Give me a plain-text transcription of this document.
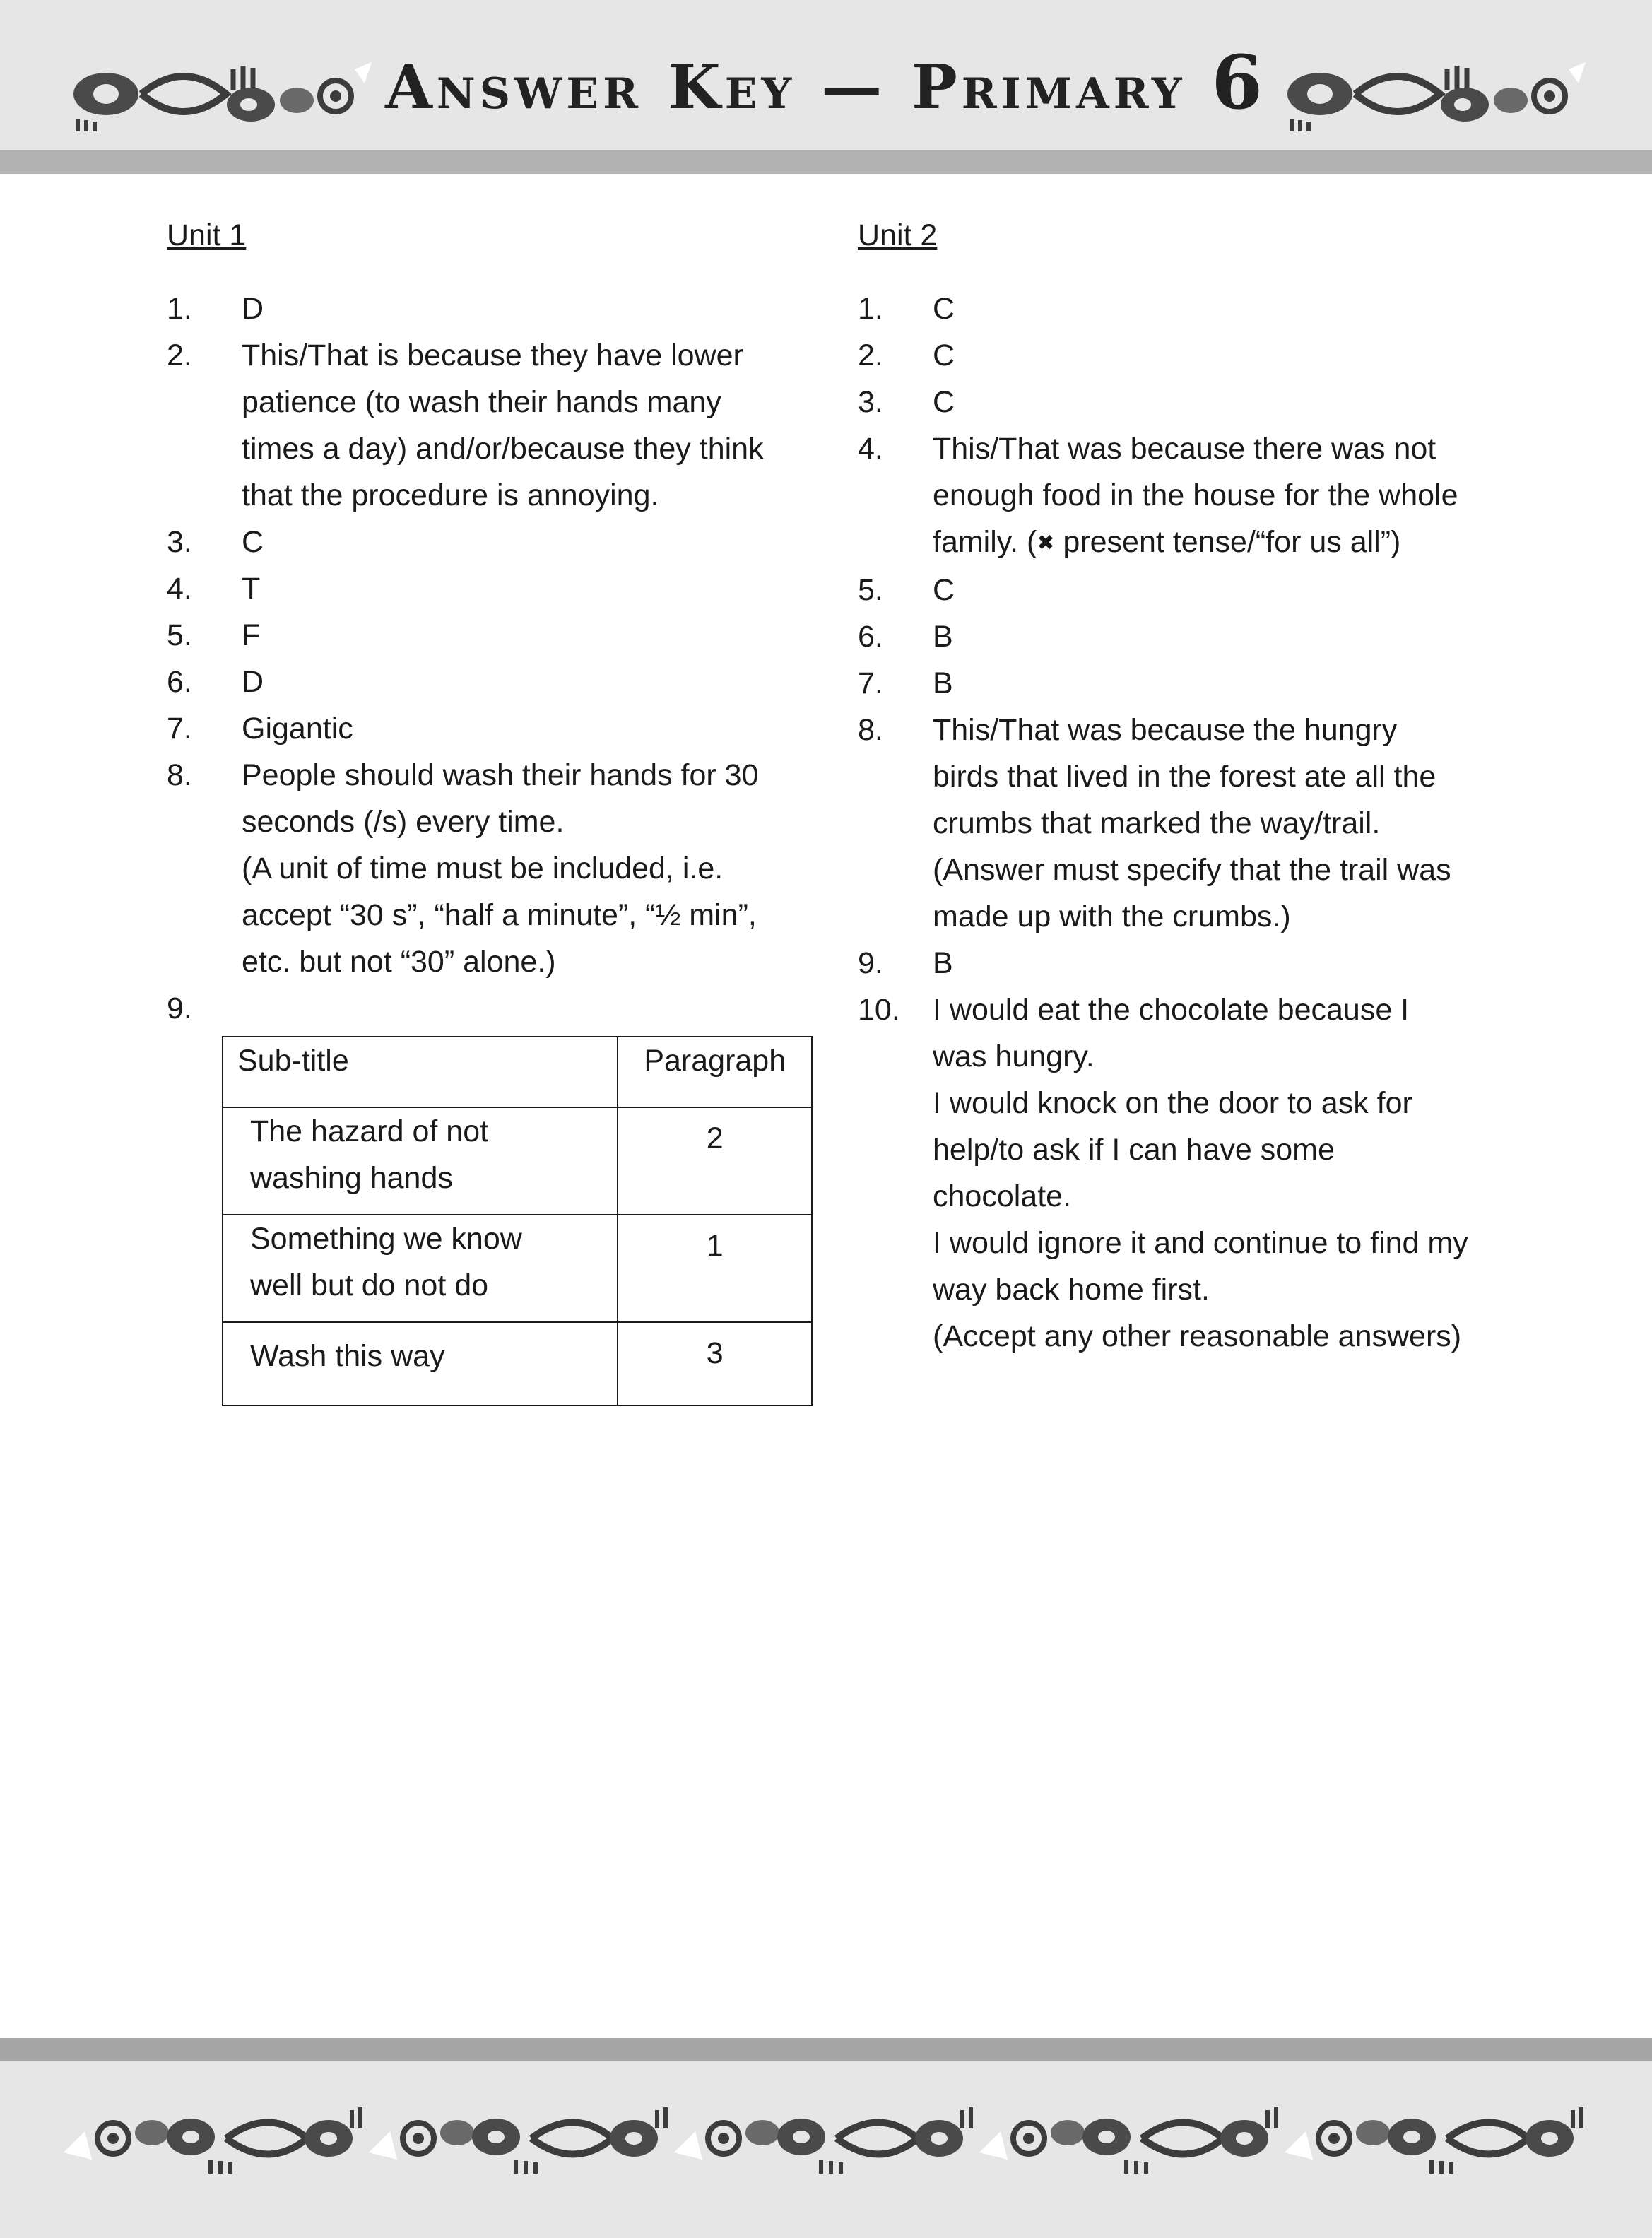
Answer Key — Primary 6
Unit 1
1. D
2. This/That is because they have lower
patience (to wash their hands many
times a day) and/or/because they think
that the procedure is annoying.
3. C
4. T
5. F
6. D
7. Gigantic
8. People should wash their hands for 30
seconds (/s) every time.
(A unit of time must be included, i.e.
accept “30 s”, “half a minute”, “½ min”,
etc. but not “30” alone.)
9.

Sub-title	Paragraph

The hazard of not
washing hands	2

Something we know
well but do not do	1

Wash this way	3
Unit 2
1. C
2. C
3. C
4. This/That was because there was not
enough food in the house for the whole
family. (✖ present tense/“for us all”)
5. C
6. B
7. B
8. This/That was because the hungry
birds that lived in the forest ate all the
crumbs that marked the way/trail.
(Answer must specify that the trail was
made up with the crumbs.)
9. B
10. I would eat the chocolate because I
was hungry.
I would knock on the door to ask for
help/to ask if I can have some
chocolate.
I would ignore it and continue to find my
way back home first.
(Accept any other reasonable answers)
